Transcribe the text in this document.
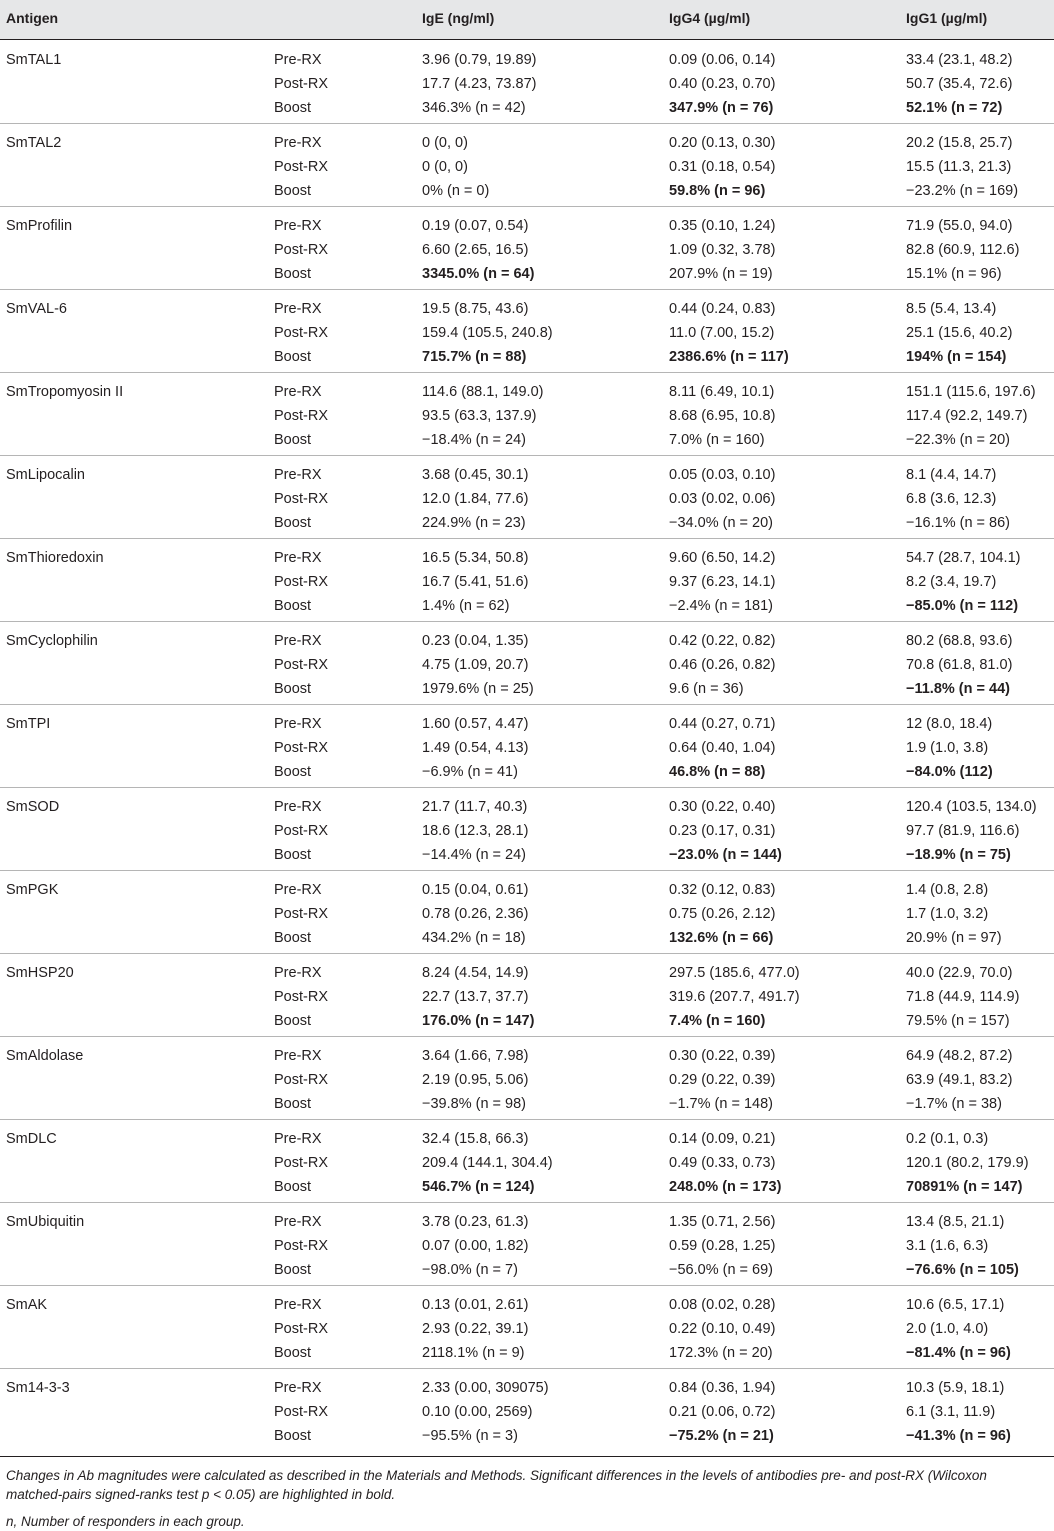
Antigen	IgE (ng/ml)	IgG4 (µg/ml)	IgG1 (µg/ml)
SmTAL1	Pre-RX	3.96 (0.79, 19.89)	0.09 (0.06, 0.14)	33.4 (23.1, 48.2)
Post-RX	17.7 (4.23, 73.87)	0.40 (0.23, 0.70)	50.7 (35.4, 72.6)
Boost	346.3% (n = 42)	347.9% (n = 76)	52.1% (n = 72)
SmTAL2	Pre-RX	0 (0, 0)	0.20 (0.13, 0.30)	20.2 (15.8, 25.7)
Post-RX	0 (0, 0)	0.31 (0.18, 0.54)	15.5 (11.3, 21.3)
Boost	0% (n = 0)	59.8% (n = 96)	−23.2% (n = 169)
SmProfilin	Pre-RX	0.19 (0.07, 0.54)	0.35 (0.10, 1.24)	71.9 (55.0, 94.0)
Post-RX	6.60 (2.65, 16.5)	1.09 (0.32, 3.78)	82.8 (60.9, 112.6)
Boost	3345.0% (n = 64)	207.9% (n = 19)	15.1% (n = 96)
SmVAL-6	Pre-RX	19.5 (8.75, 43.6)	0.44 (0.24, 0.83)	8.5 (5.4, 13.4)
Post-RX	159.4 (105.5, 240.8)	11.0 (7.00, 15.2)	25.1 (15.6, 40.2)
Boost	715.7% (n = 88)	2386.6% (n = 117)	194% (n = 154)
SmTropomyosin II	Pre-RX	114.6 (88.1, 149.0)	8.11 (6.49, 10.1)	151.1 (115.6, 197.6)
Post-RX	93.5 (63.3, 137.9)	8.68 (6.95, 10.8)	117.4 (92.2, 149.7)
Boost	−18.4% (n = 24)	7.0% (n = 160)	−22.3% (n = 20)
SmLipocalin	Pre-RX	3.68 (0.45, 30.1)	0.05 (0.03, 0.10)	8.1 (4.4, 14.7)
Post-RX	12.0 (1.84, 77.6)	0.03 (0.02, 0.06)	6.8 (3.6, 12.3)
Boost	224.9% (n = 23)	−34.0% (n = 20)	−16.1% (n = 86)
SmThioredoxin	Pre-RX	16.5 (5.34, 50.8)	9.60 (6.50, 14.2)	54.7 (28.7, 104.1)
Post-RX	16.7 (5.41, 51.6)	9.37 (6.23, 14.1)	8.2 (3.4, 19.7)
Boost	1.4% (n = 62)	−2.4% (n = 181)	−85.0% (n = 112)
SmCyclophilin	Pre-RX	0.23 (0.04, 1.35)	0.42 (0.22, 0.82)	80.2 (68.8, 93.6)
Post-RX	4.75 (1.09, 20.7)	0.46 (0.26, 0.82)	70.8 (61.8, 81.0)
Boost	1979.6% (n = 25)	9.6 (n = 36)	−11.8% (n = 44)
SmTPI	Pre-RX	1.60 (0.57, 4.47)	0.44 (0.27, 0.71)	12 (8.0, 18.4)
Post-RX	1.49 (0.54, 4.13)	0.64 (0.40, 1.04)	1.9 (1.0, 3.8)
Boost	−6.9% (n = 41)	46.8% (n = 88)	−84.0% (112)
SmSOD	Pre-RX	21.7 (11.7, 40.3)	0.30 (0.22, 0.40)	120.4 (103.5, 134.0)
Post-RX	18.6 (12.3, 28.1)	0.23 (0.17, 0.31)	97.7 (81.9, 116.6)
Boost	−14.4% (n = 24)	−23.0% (n = 144)	−18.9% (n = 75)
SmPGK	Pre-RX	0.15 (0.04, 0.61)	0.32 (0.12, 0.83)	1.4 (0.8, 2.8)
Post-RX	0.78 (0.26, 2.36)	0.75 (0.26, 2.12)	1.7 (1.0, 3.2)
Boost	434.2% (n = 18)	132.6% (n = 66)	20.9% (n = 97)
SmHSP20	Pre-RX	8.24 (4.54, 14.9)	297.5 (185.6, 477.0)	40.0 (22.9, 70.0)
Post-RX	22.7 (13.7, 37.7)	319.6 (207.7, 491.7)	71.8 (44.9, 114.9)
Boost	176.0% (n = 147)	7.4% (n = 160)	79.5% (n = 157)
SmAldolase	Pre-RX	3.64 (1.66, 7.98)	0.30 (0.22, 0.39)	64.9 (48.2, 87.2)
Post-RX	2.19 (0.95, 5.06)	0.29 (0.22, 0.39)	63.9 (49.1, 83.2)
Boost	−39.8% (n = 98)	−1.7% (n = 148)	−1.7% (n = 38)
SmDLC	Pre-RX	32.4 (15.8, 66.3)	0.14 (0.09, 0.21)	0.2 (0.1, 0.3)
Post-RX	209.4 (144.1, 304.4)	0.49 (0.33, 0.73)	120.1 (80.2, 179.9)
Boost	546.7% (n = 124)	248.0% (n = 173)	70891% (n = 147)
SmUbiquitin	Pre-RX	3.78 (0.23, 61.3)	1.35 (0.71, 2.56)	13.4 (8.5, 21.1)
Post-RX	0.07 (0.00, 1.82)	0.59 (0.28, 1.25)	3.1 (1.6, 6.3)
Boost	−98.0% (n = 7)	−56.0% (n = 69)	−76.6% (n = 105)
SmAK	Pre-RX	0.13 (0.01, 2.61)	0.08 (0.02, 0.28)	10.6 (6.5, 17.1)
Post-RX	2.93 (0.22, 39.1)	0.22 (0.10, 0.49)	2.0 (1.0, 4.0)
Boost	2118.1% (n = 9)	172.3% (n = 20)	−81.4% (n = 96)
Sm14-3-3	Pre-RX	2.33 (0.00, 309075)	0.84 (0.36, 1.94)	10.3 (5.9, 18.1)
Post-RX	0.10 (0.00, 2569)	0.21 (0.06, 0.72)	6.1 (3.1, 11.9)
Boost	−95.5% (n = 3)	−75.2% (n = 21)	−41.3% (n = 96)
Changes in Ab magnitudes were calculated as described in the Materials and Methods. Significant differences in the levels of antibodies pre- and post-RX (Wilcoxon matched-pairs signed-ranks test p < 0.05) are highlighted in bold.
n, Number of responders in each group.
